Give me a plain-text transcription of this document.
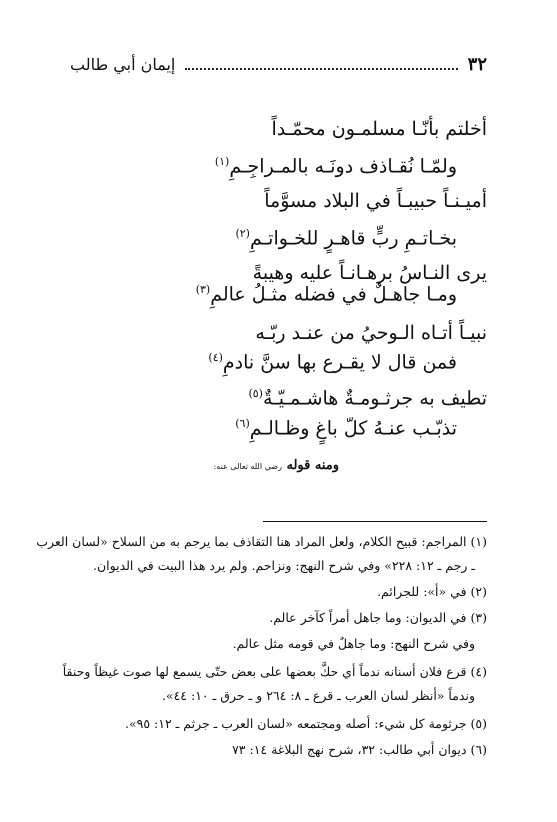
٣٢
إيمان أبي طالب
أخلتم بأنّـا مسلمـون محمّـداً
ولمّـا نُقـاذف دونَـه بالمـراجِـمِ$^{(١)}$
أميـنـاً حبيبـاً في البلاد مسوَّماً
بخـاتـمِ ربٍّ قاهـرٍ للخـواتـمِ$^{(٢)}$
يرى النـاسُ برهـانـاً عليه وهيبةً
ومـا جاهـلٌ في فضله مثـلُ عالمِ$^{(٣)}$
نبيـاً أتـاه الـوحيُ من عنـد ربّـه
فمن قال لا يقـرع بها سنَّ نادمِ$^{(٤)}$
تطيف به جرثـومـةٌ هاشـمـيّـةٌ$^{(٥)}$
تذبّـب عنـهُ كلّ باغٍ وظـالـمِ$^{(٦)}$
ومنه قوله رضي الله تعالى عنه:
(١) المراجم: قبيح الكلام، ولعل المراد هنا التقاذف بما يرجم به من السلاح «لسان العرب
ـ رجم ـ ١٢: ٢٢٨» وفي شرح النهج: ونزاحم. ولم يرد هذا البيت في الديوان.
(٢) في «أ»: للجرائم.
(٣) في الديوان: وما جاهل أمراً كآخر عالم.
وفي شرح النهج: وما جاهلٌ في قومه مثل عالم.
(٤) قرع فلان أسنانه ندماً أي حكَّ بعضها على بعض حتّى يسمع لها صوت غيظاً وحنقاً
وندماً «أنظر لسان العرب ـ قرع ـ ٨: ٢٦٤ و ـ حرق ـ ١٠: ٤٤».
(٥) جرثومة كل شيء: أصله ومجتمعه «لسان العرب ـ جرثم ـ ١٢: ٩٥».
(٦) ديوان أبي طالب: ٣٢، شرح نهج البلاغة ١٤: ٧٣
